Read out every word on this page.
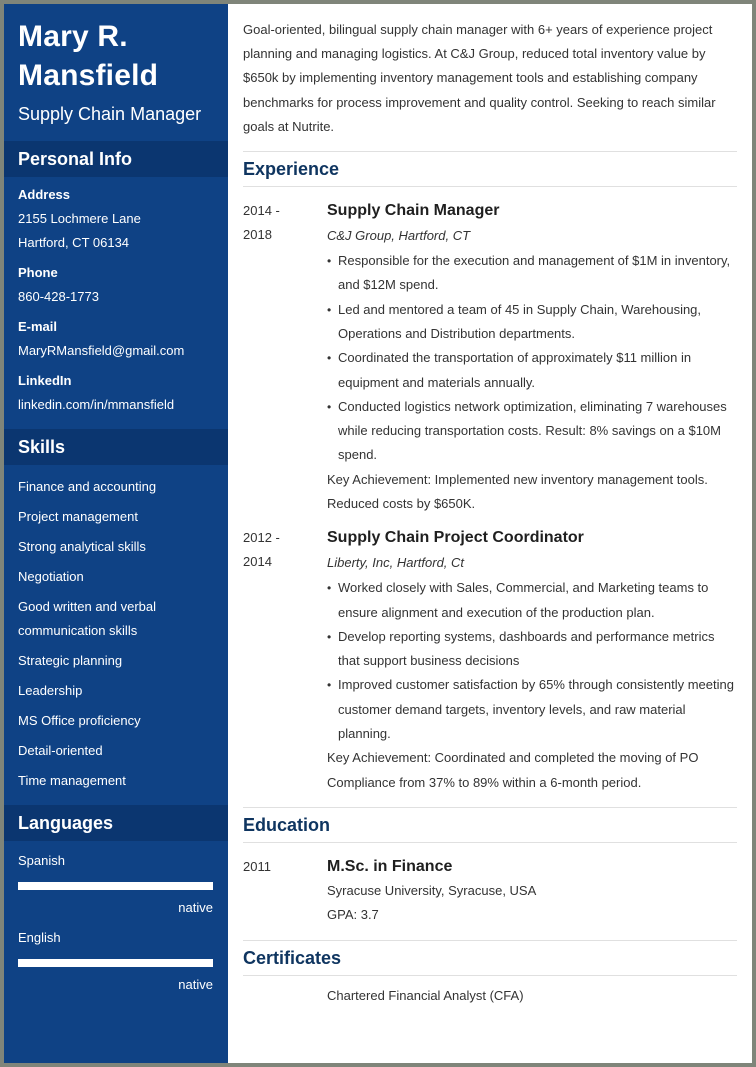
Mary R.
Mansfield
Supply Chain Manager
Personal Info
Address
2155 Lochmere Lane
Hartford, CT 06134
Phone
860-428-1773
E-mail
MaryRMansfield@gmail.com
LinkedIn
linkedin.com/in/mmansfield
Skills
Finance and accounting
Project management
Strong analytical skills
Negotiation
Good written and verbal communication skills
Strategic planning
Leadership
MS Office proficiency
Detail-oriented
Time management
Languages
Spanish
native
English
native

Goal-oriented, bilingual supply chain manager with 6+ years of experience project planning and managing logistics. At C&J Group, reduced total inventory value by $650k by implementing inventory management tools and establishing company benchmarks for process improvement and quality control. Seeking to reach similar goals at Nutrite.

Experience
2014 -
2018
Supply Chain Manager
C&J Group, Hartford, CT
• Responsible for the execution and management of $1M in inventory, and $12M spend.
• Led and mentored a team of 45 in Supply Chain, Warehousing, Operations and Distribution departments.
• Coordinated the transportation of approximately $11 million in equipment and materials annually.
• Conducted logistics network optimization, eliminating 7 warehouses while reducing transportation costs. Result: 8% savings on a $10M spend.
Key Achievement: Implemented new inventory management tools. Reduced costs by $650K.
2012 -
2014
Supply Chain Project Coordinator
Liberty, Inc, Hartford, Ct
• Worked closely with Sales, Commercial, and Marketing teams to ensure alignment and execution of the production plan.
• Develop reporting systems, dashboards and performance metrics that support business decisions
• Improved customer satisfaction by 65% through consistently meeting customer demand targets, inventory levels, and raw material planning.
Key Achievement: Coordinated and completed the moving of PO Compliance from 37% to 89% within a 6-month period.
Education
2011	M.Sc. in Finance
Syracuse University, Syracuse, USA
GPA: 3.7
Certificates
Chartered Financial Analyst (CFA)
